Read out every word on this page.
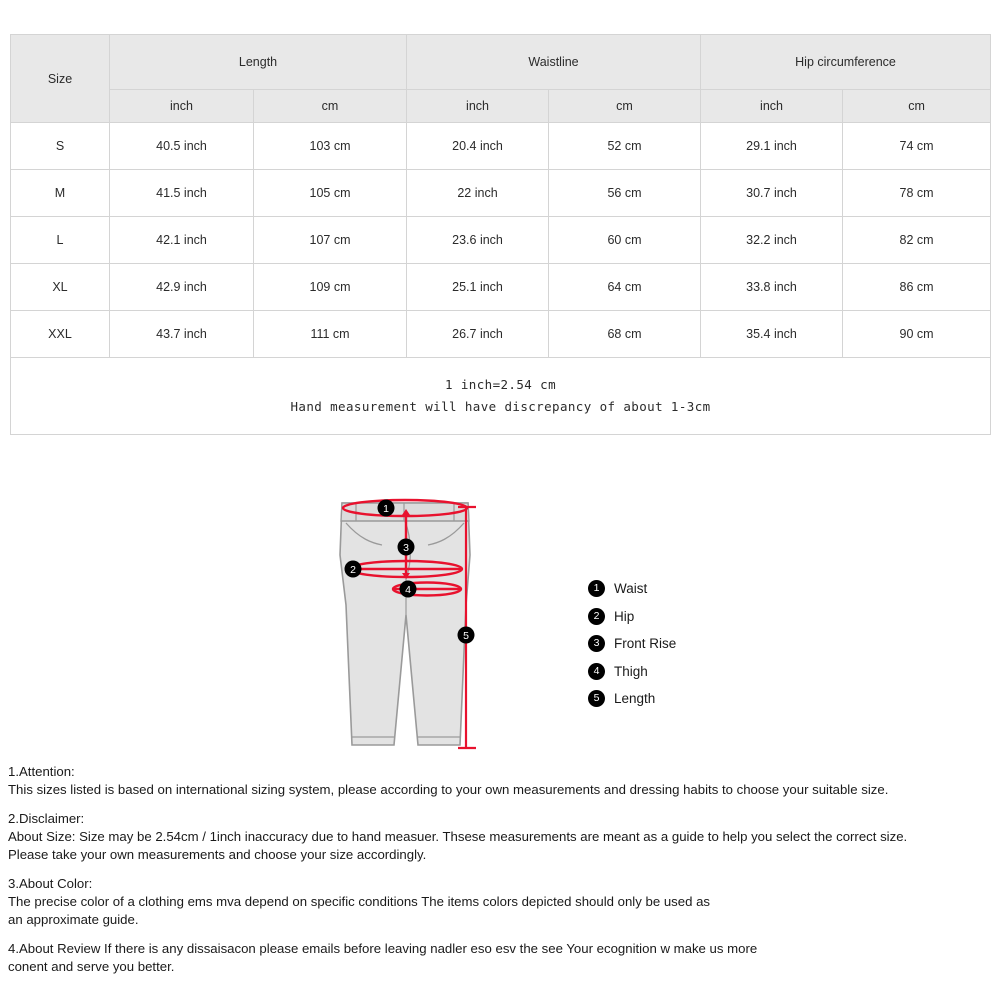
Size	Length		Waistline		Hip circumference	
	inch	cm	inch	cm	inch	cm
S	40.5 inch	103 cm	20.4 inch	52 cm	29.1 inch	74 cm
M	41.5 inch	105 cm	22 inch	56 cm	30.7 inch	78 cm
L	42.1 inch	107 cm	23.6 inch	60 cm	32.2 inch	82 cm
XL	42.9 inch	109 cm	25.1 inch	64 cm	33.8 inch	86 cm
XXL	43.7 inch	111 cm	26.7 inch	68 cm	35.4 inch	90 cm

1 inch=2.54 cm
Hand measurement will have discrepancy of about 1-3cm						
1
2
3
4
5
1	Waist
2	Hip
3	Front Rise
4	Thigh
5	Length

1.Attention:

This sizes listed is based on international sizing system, please according to your own measurements and dressing habits to choose your suitable size.

2.Disclaimer:

About Size: Size may be 2.54cm / 1inch inaccuracy due to hand measuer. Thsese measurements are meant as a guide to help you select the correct size.

Please take your own measurements and choose your size accordingly.

3.About Color:

The precise color of a clothing ems mva depend on specific conditions The items colors depicted should only be used as

an approximate guide.

4.About Review If there is any dissaisacon please emails before leaving nadler eso esv the see Your ecognition w make us more

conent and serve you better.
